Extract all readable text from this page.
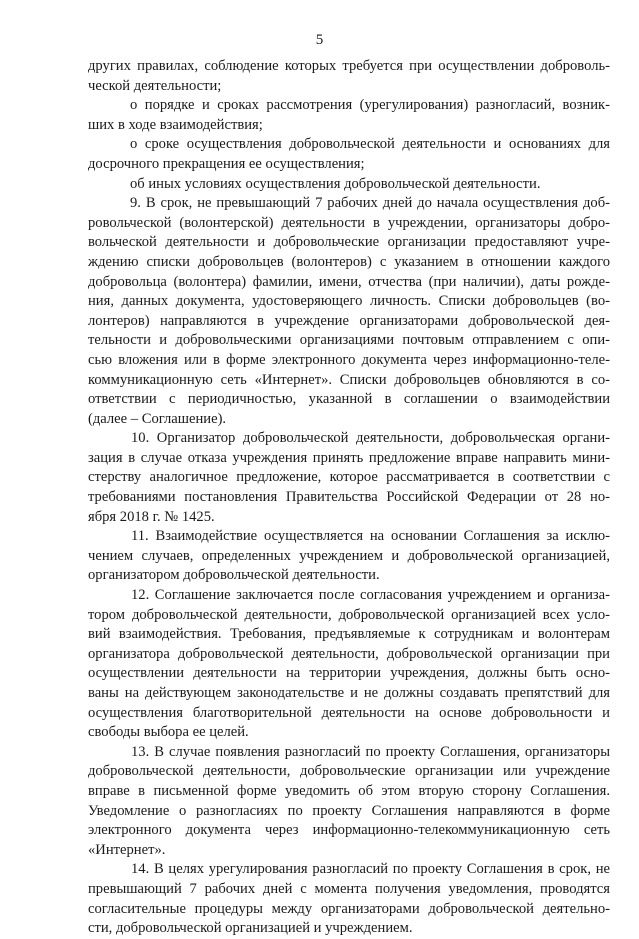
5
других правилах, соблюдение которых требуется при осуществлении доброволь-
ческой деятельности;
о порядке и сроках рассмотрения (урегулирования) разногласий, возник-
ших в ходе взаимодействия;
о сроке осуществления добровольческой деятельности и основаниях для
досрочного прекращения ее осуществления;
об иных условиях осуществления добровольческой деятельности.
9. В срок, не превышающий 7 рабочих дней до начала осуществления доб-
ровольческой (волонтерской) деятельности в учреждении, организаторы добро-
вольческой деятельности и добровольческие организации предоставляют учре-
ждению списки добровольцев (волонтеров) с указанием в отношении каждого
добровольца (волонтера) фамилии, имени, отчества (при наличии), даты рожде-
ния, данных документа, удостоверяющего личность. Списки добровольцев (во-
лонтеров) направляются в учреждение организаторами добровольческой дея-
тельности и добровольческими организациями почтовым отправлением с опи-
сью вложения или в форме электронного документа через информационно-теле-
коммуникационную сеть «Интернет». Списки добровольцев обновляются в со-
ответствии с периодичностью, указанной в соглашении о взаимодействии
(далее – Соглашение).
10. Организатор добровольческой деятельности, добровольческая органи-
зация в случае отказа учреждения принять предложение вправе направить мини-
стерству аналогичное предложение, которое рассматривается в соответствии с
требованиями постановления Правительства Российской Федерации от 28 но-
ября 2018 г. № 1425.
11. Взаимодействие осуществляется на основании Соглашения за исклю-
чением случаев, определенных учреждением и добровольческой организацией,
организатором добровольческой деятельности.
12. Соглашение заключается после согласования учреждением и организа-
тором добровольческой деятельности, добровольческой организацией всех усло-
вий взаимодействия. Требования, предъявляемые к сотрудникам и волонтерам
организатора добровольческой деятельности, добровольческой организации при
осуществлении деятельности на территории учреждения, должны быть осно-
ваны на действующем законодательстве и не должны создавать препятствий для
осуществления благотворительной деятельности на основе добровольности и
свободы выбора ее целей.
13. В случае появления разногласий по проекту Соглашения, организаторы
добровольческой деятельности, добровольческие организации или учреждение
вправе в письменной форме уведомить об этом вторую сторону Соглашения.
Уведомление о разногласиях по проекту Соглашения направляются в форме
электронного документа через информационно-телекоммуникационную сеть
«Интернет».
14. В целях урегулирования разногласий по проекту Соглашения в срок, не
превышающий 7 рабочих дней с момента получения уведомления, проводятся
согласительные процедуры между организаторами добровольческой деятельно-
сти, добровольческой организацией и учреждением.
